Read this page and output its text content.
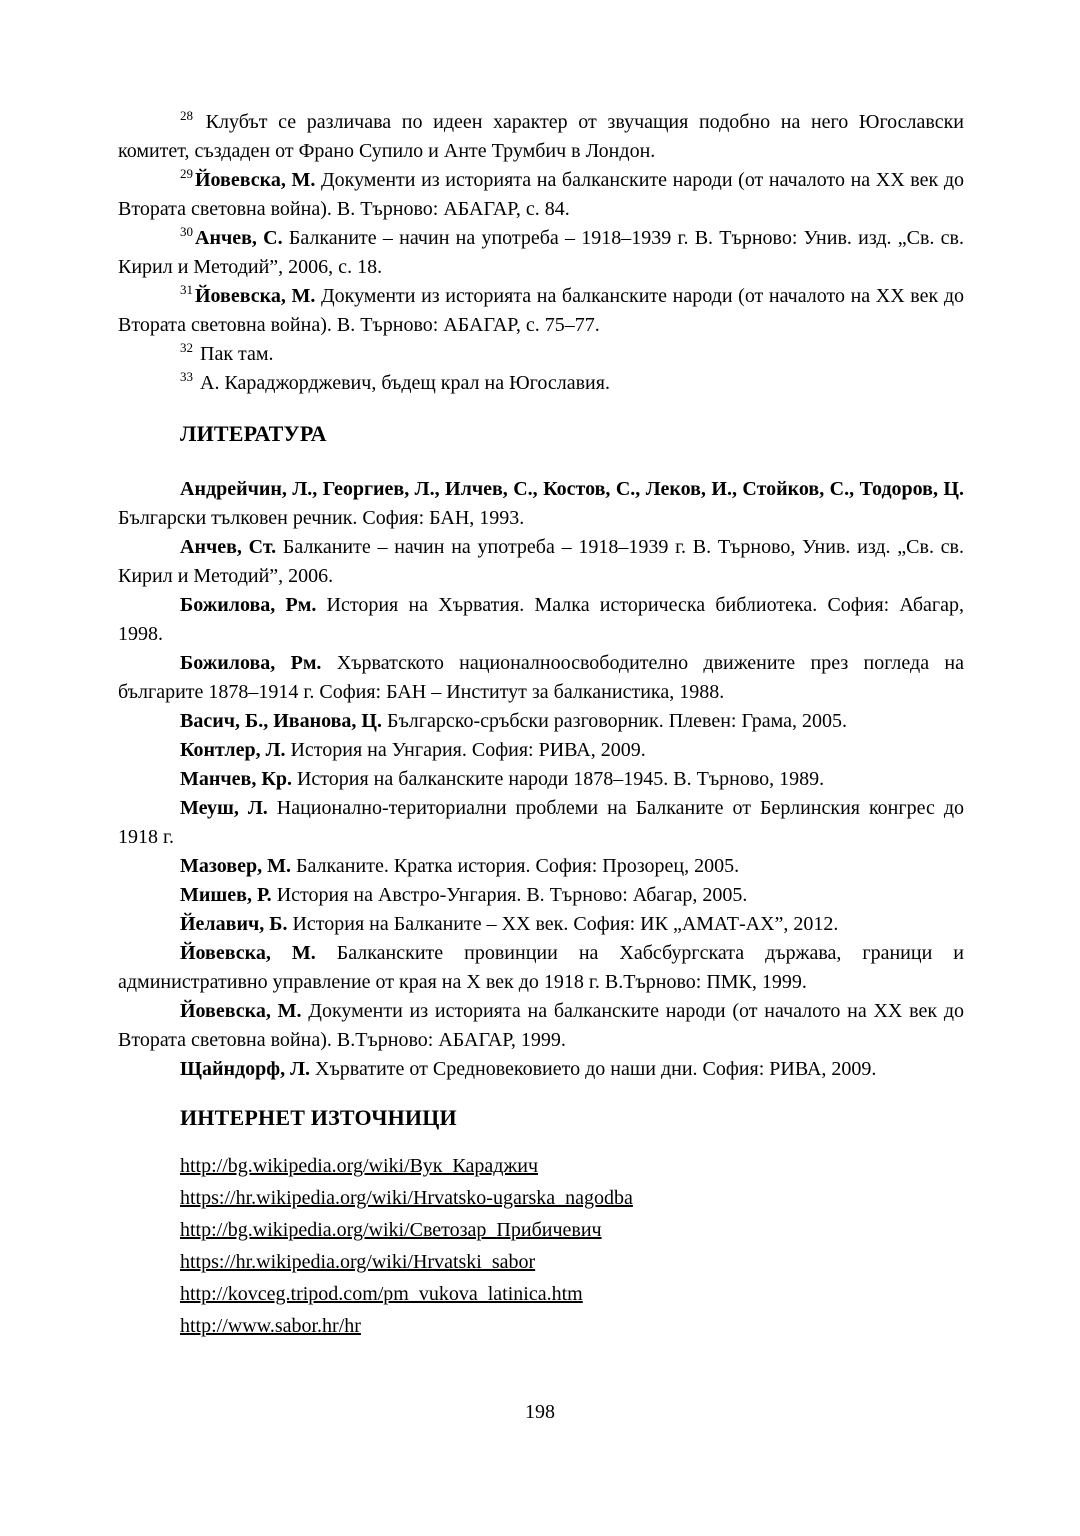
$^{28}$ Клубът се различава по идеен характер от звучащия подобно на него Югославски комитет, създаден от Франо Супило и Анте Трумбич в Лондон.

$^{29}$ Йовевска, М. Документи из историята на балканските народи (от началото на ХХ век до Втората световна война). В. Търново: АБАГАР, с. 84.

$^{30}$ Анчев, С. Балканите – начин на употреба – 1918–1939 г. В. Търново: Унив. изд. „Св. св. Кирил и Методий”, 2006, с. 18.

$^{31}$ Йовевска, М. Документи из историята на балканските народи (от началото на ХХ век до Втората световна война). В. Търново: АБАГАР, с. 75–77.

$^{32}$ Пак там.

$^{33}$ А. Караджорджевич, бъдещ крал на Югославия.

ЛИТЕРАТУРА

Андрейчин, Л., Георгиев, Л., Илчев, С., Костов, С., Леков, И., Стойков, С., Тодоров, Ц. Български тълковен речник. София: БАН, 1993.

Анчев, Ст. Балканите – начин на употреба – 1918–1939 г. В. Търново, Унив. изд. „Св. св. Кирил и Методий”, 2006.

Божилова, Рм. История на Хърватия. Малка историческа библиотека. София: Абагар, 1998.

Божилова, Рм. Хърватското националноосвободително движените през погледа на българите 1878–1914 г. София: БАН – Институт за балканистика, 1988.

Васич, Б., Иванова, Ц. Българско-сръбски разговорник. Плевен: Грама, 2005.

Контлер, Л. История на Унгария. София: РИВА, 2009.

Манчев, Кр. История на балканските народи 1878–1945. В. Търново, 1989.

Меуш, Л. Национално-териториални проблеми на Балканите от Берлинския конгрес до 1918 г.

Мазовер, М. Балканите. Кратка история. София: Прозорец, 2005.

Мишев, Р. История на Австро-Унгария. В. Търново: Абагар, 2005.

Йелавич, Б. История на Балканите – ХХ век. София: ИК „АМАТ-АХ”, 2012.

Йовевска, М. Балканските провинции на Хабсбургската държава, граници и административно управление от края на Х век до 1918 г. В.Търново: ПМК, 1999.

Йовевска, М. Документи из историята на балканските народи (от началото на ХХ век до Втората световна война). В.Търново: АБАГАР, 1999.

Щайндорф, Л. Хърватите от Средновековието до наши дни. София: РИВА, 2009.

ИНТЕРНЕТ ИЗТОЧНИЦИ

http://bg.wikipedia.org/wiki/Вук_Караджич

https://hr.wikipedia.org/wiki/Hrvatsko-ugarska_nagodba

http://bg.wikipedia.org/wiki/Светозар_Прибичевич

https://hr.wikipedia.org/wiki/Hrvatski_sabor

http://kovceg.tripod.com/pm_vukova_latinica.htm

http://www.sabor.hr/hr

198
